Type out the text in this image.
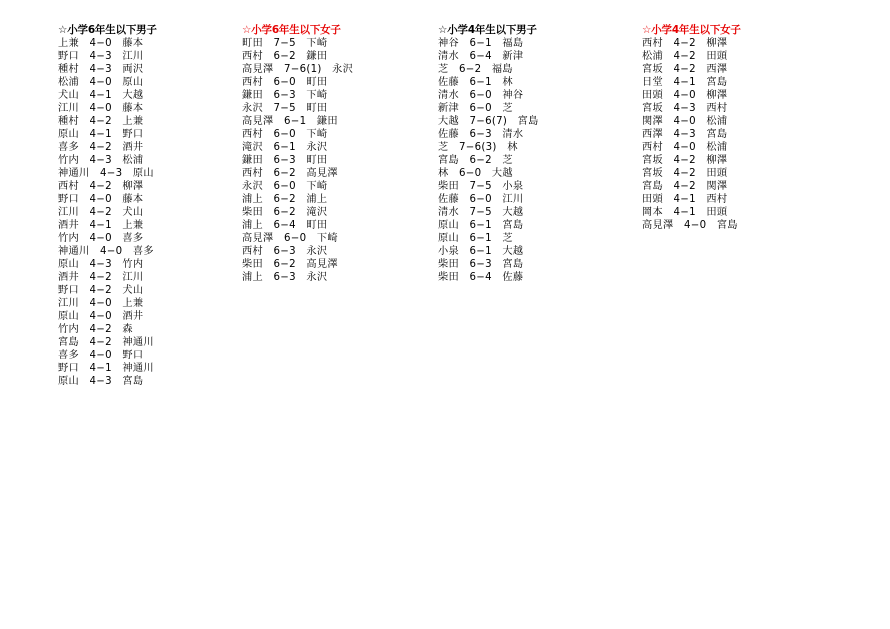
☆小学6年生以下男子
上兼　4−0　藤本
野口　4−3　江川
種村　4−3　両沢
松浦　4−0　原山
犬山　4−1　大越
江川　4−0　藤本
種村　4−2　上兼
原山　4−1　野口
喜多　4−2　酒井
竹内　4−3　松浦
神通川　4−3　原山
西村　4−2　柳澤
野口　4−0　藤本
江川　4−2　犬山
酒井　4−1　上兼
竹内　4−0　喜多
神通川　4−0　喜多
原山　4−3　竹内
酒井　4−2　江川
野口　4−2　犬山
江川　4−0　上兼
原山　4−0　酒井
竹内　4−2　森
宮島　4−2　神通川
喜多　4−0　野口
野口　4−1　神通川
原山　4−3　宮島
☆小学6年生以下女子
町田　7−5　下崎
西村　6−2　鎌田
高見澤　7−6(1)　永沢
西村　6−0　町田
鎌田　6−3　下崎
永沢　7−5　町田
高見澤　6−1　鎌田
西村　6−0　下崎
滝沢　6−1　永沢
鎌田　6−3　町田
西村　6−2　高見澤
永沢　6−0　下崎
浦上　6−2　浦上
柴田　6−2　滝沢
浦上　6−4　町田
高見澤　6−0　下崎
西村　6−3　永沢
柴田　6−2　高見澤
浦上　6−3　永沢
☆小学4年生以下男子
神谷　6−1　福島
清水　6−4　新津
芝　6−2　福島
佐藤　6−1　林
清水　6−0　神谷
新津　6−0　芝
大越　7−6(7)　宮島
佐藤　6−3　清水
芝　7−6(3)　林
宮島　6−2　芝
林　6−0　大越
柴田　7−5　小泉
佐藤　6−0　江川
清水　7−5　大越
原山　6−1　宮島
原山　6−1　芝
小泉　6−1　大越
柴田　6−3　宮島
柴田　6−4　佐藤
☆小学4年生以下女子
西村　4−2　柳澤
松浦　4−2　田頭
宮坂　4−2　西澤
日堂　4−1　宮島
田頭　4−0　柳澤
宮坂　4−3　西村
関澤　4−0　松浦
西澤　4−3　宮島
西村　4−0　松浦
宮坂　4−2　柳澤
宮坂　4−2　田頭
宮島　4−2　関澤
田頭　4−1　西村
岡本　4−1　田頭
高見澤　4−0　宮島
